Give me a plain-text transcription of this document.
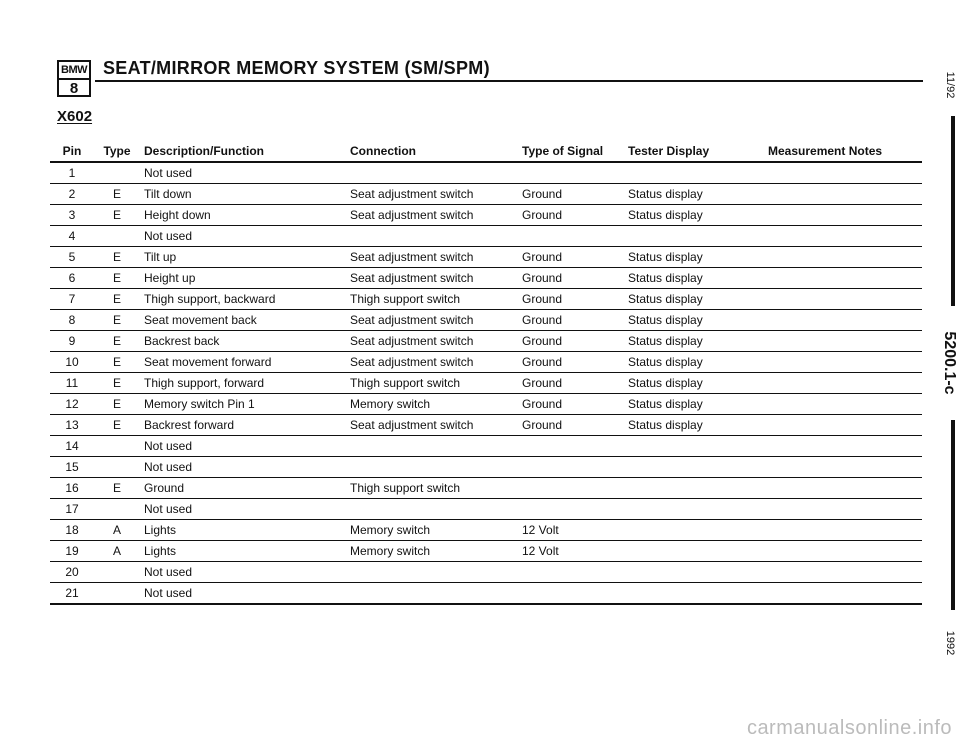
BMW
8
SEAT/MIRROR MEMORY SYSTEM (SM/SPM)
X602
11/92
5200.1-c
1992
Pin	Type	Description/Function	Connection	Type of Signal	Tester Display	Measurement Notes
1		Not used				
2	E	Tilt down	Seat adjustment switch	Ground	Status display	
3	E	Height down	Seat adjustment switch	Ground	Status display	
4		Not used				
5	E	Tilt up	Seat adjustment switch	Ground	Status display	
6	E	Height up	Seat adjustment switch	Ground	Status display	
7	E	Thigh support, backward	Thigh support switch	Ground	Status display	
8	E	Seat movement back	Seat adjustment switch	Ground	Status display	
9	E	Backrest back	Seat adjustment switch	Ground	Status display	
10	E	Seat movement forward	Seat adjustment switch	Ground	Status display	
11	E	Thigh support, forward	Thigh support switch	Ground	Status display	
12	E	Memory switch Pin 1	Memory switch	Ground	Status display	
13	E	Backrest forward	Seat adjustment switch	Ground	Status display	
14		Not used				
15		Not used				
16	E	Ground	Thigh support switch			
17		Not used				
18	A	Lights	Memory switch	12 Volt		
19	A	Lights	Memory switch	12 Volt		
20		Not used				
21		Not used				
carmanualsonline.info
